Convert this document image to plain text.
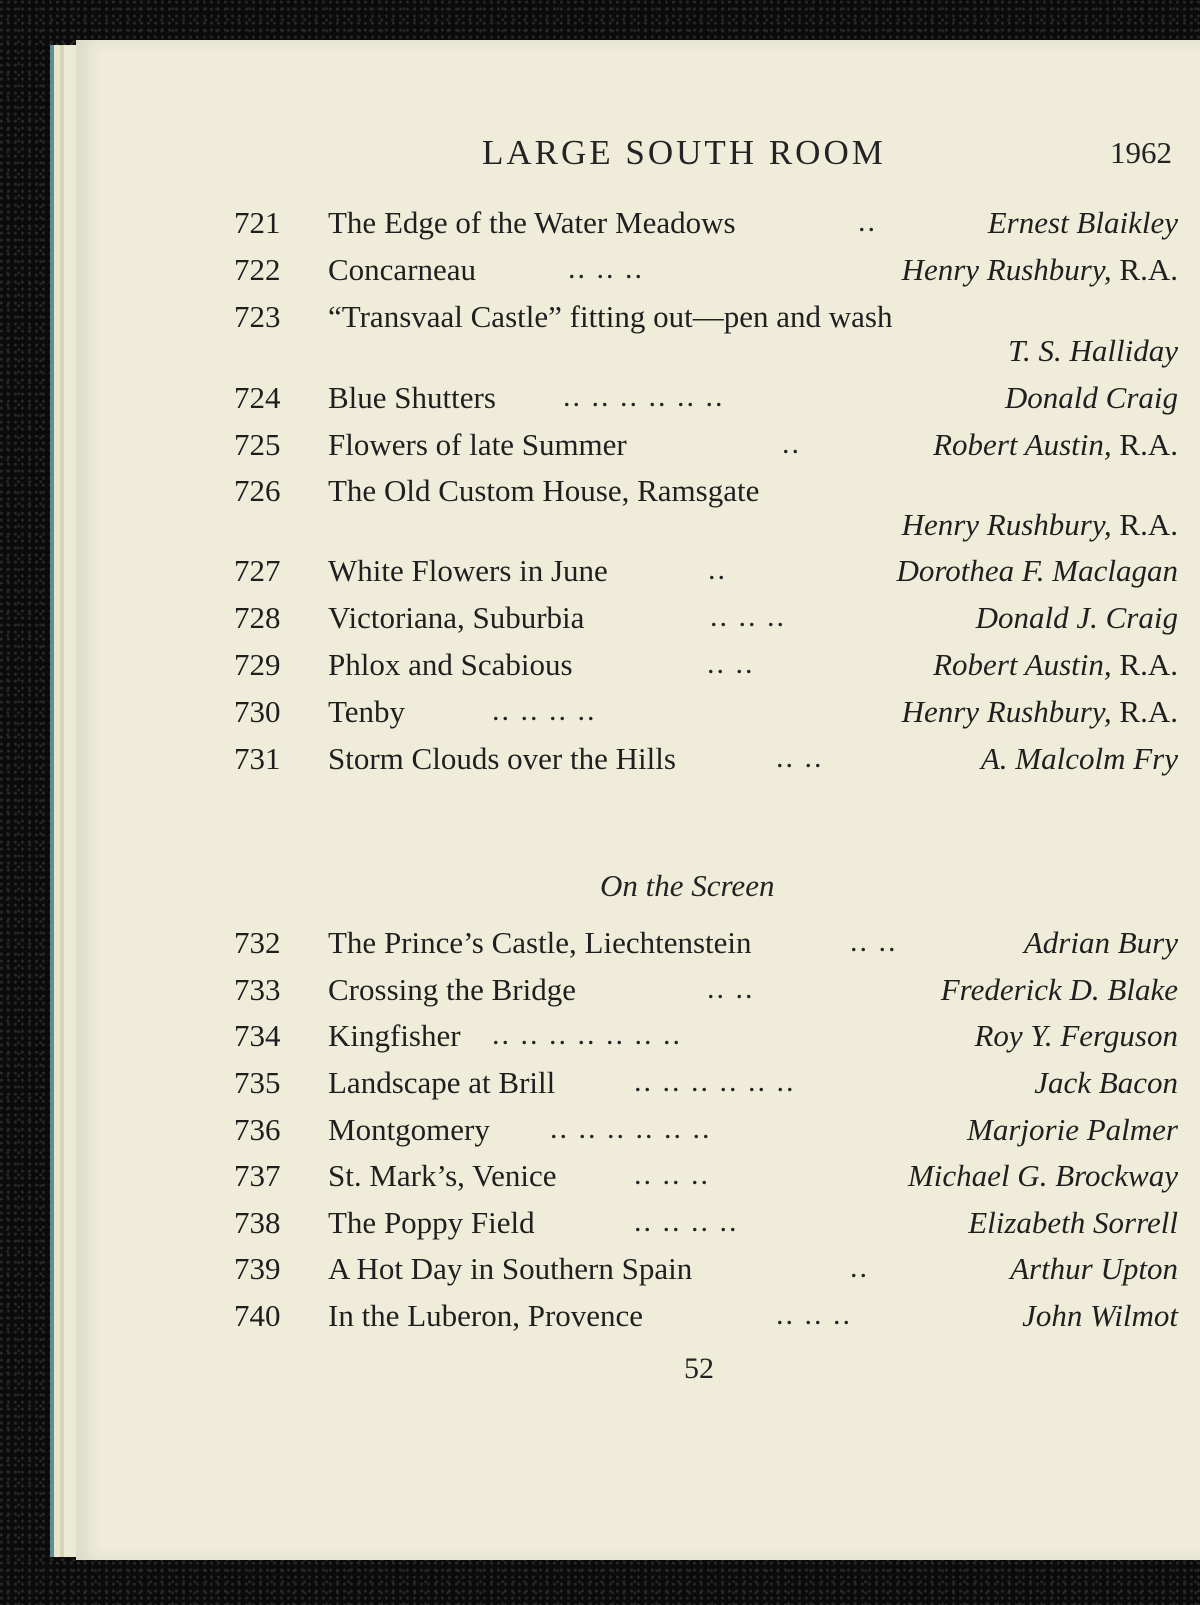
LARGE SOUTH ROOM	1962
721 The Edge of the Water Meadows	..	Ernest Blaikley
722 Concarneau	.. .. ..	Henry Rushbury, R.A.
723 “Transvaal Castle” fitting out—pen and wash
T. S. Halliday
724 Blue Shutters .. .. .. .. .. ..	Donald Craig
725 Flowers of late Summer	..	Robert Austin, R.A.
726 The Old Custom House, Ramsgate
Henry Rushbury, R.A.
727 White Flowers in June	..	Dorothea F. Maclagan
728 Victoriana, Suburbia	.. .. ..	Donald J. Craig
729 Phlox and Scabious	.. ..	Robert Austin, R.A.
730 Tenby	.. .. .. ..	Henry Rushbury, R.A.
731 Storm Clouds over the Hills	.. ..	A. Malcolm Fry
On the Screen
732 The Prince’s Castle, Liechtenstein	.. ..	Adrian Bury
733 Crossing the Bridge	.. ..	Frederick D. Blake
734 Kingfisher .. .. .. .. .. .. ..	Roy Y. Ferguson
735 Landscape at Brill	.. .. .. .. .. ..	Jack Bacon
736 Montgomery .. .. .. .. .. ..	Marjorie Palmer
737 St. Mark’s, Venice	.. .. ..	Michael G. Brockway
738 The Poppy Field	.. .. .. ..	Elizabeth Sorrell
739 A Hot Day in Southern Spain	..	Arthur Upton
740 In the Luberon, Provence	.. .. ..	John Wilmot
52
